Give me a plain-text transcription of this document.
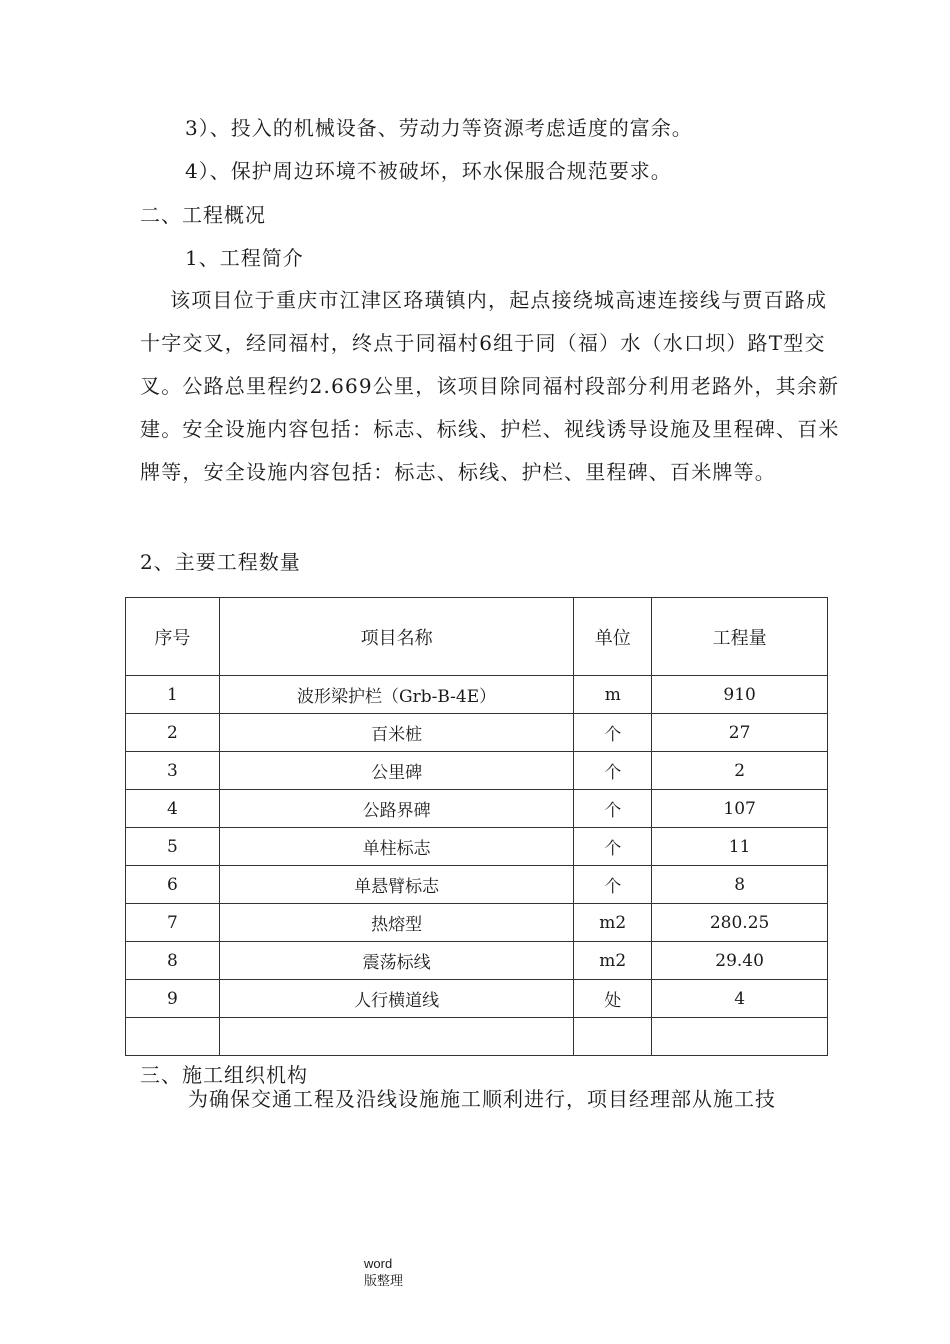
3）、投入的机械设备、劳动力等资源考虑适度的富余。
4）、保护周边环境不被破坏，环水保服合规范要求。
二、工程概况
1、工程简介
该项目位于重庆市江津区珞璜镇内，起点接绕城高速连接线与贾百路成十字交叉，经同福村，终点于同福村6组于同（福）水（水口坝）路T型交叉。公路总里程约2.669公里，该项目除同福村段部分利用老路外，其余新建。安全设施内容包括：标志、标线、护栏、视线诱导设施及里程碑、百米牌等，安全设施内容包括：标志、标线、护栏、里程碑、百米牌等。
2、主要工程数量
序号	项目名称	单位	工程量
1	波形梁护栏（Grb-B-4E）	m	910
2	百米桩	个	27
3	公里碑	个	2
4	公路界碑	个	107
5	单柱标志	个	11
6	单悬臂标志	个	8
7	热熔型	m2	280.25
8	震荡标线	m2	29.40
9	人行横道线	处	4

三、施工组织机构
为确保交通工程及沿线设施施工顺利进行，项目经理部从施工技
word
版整理
